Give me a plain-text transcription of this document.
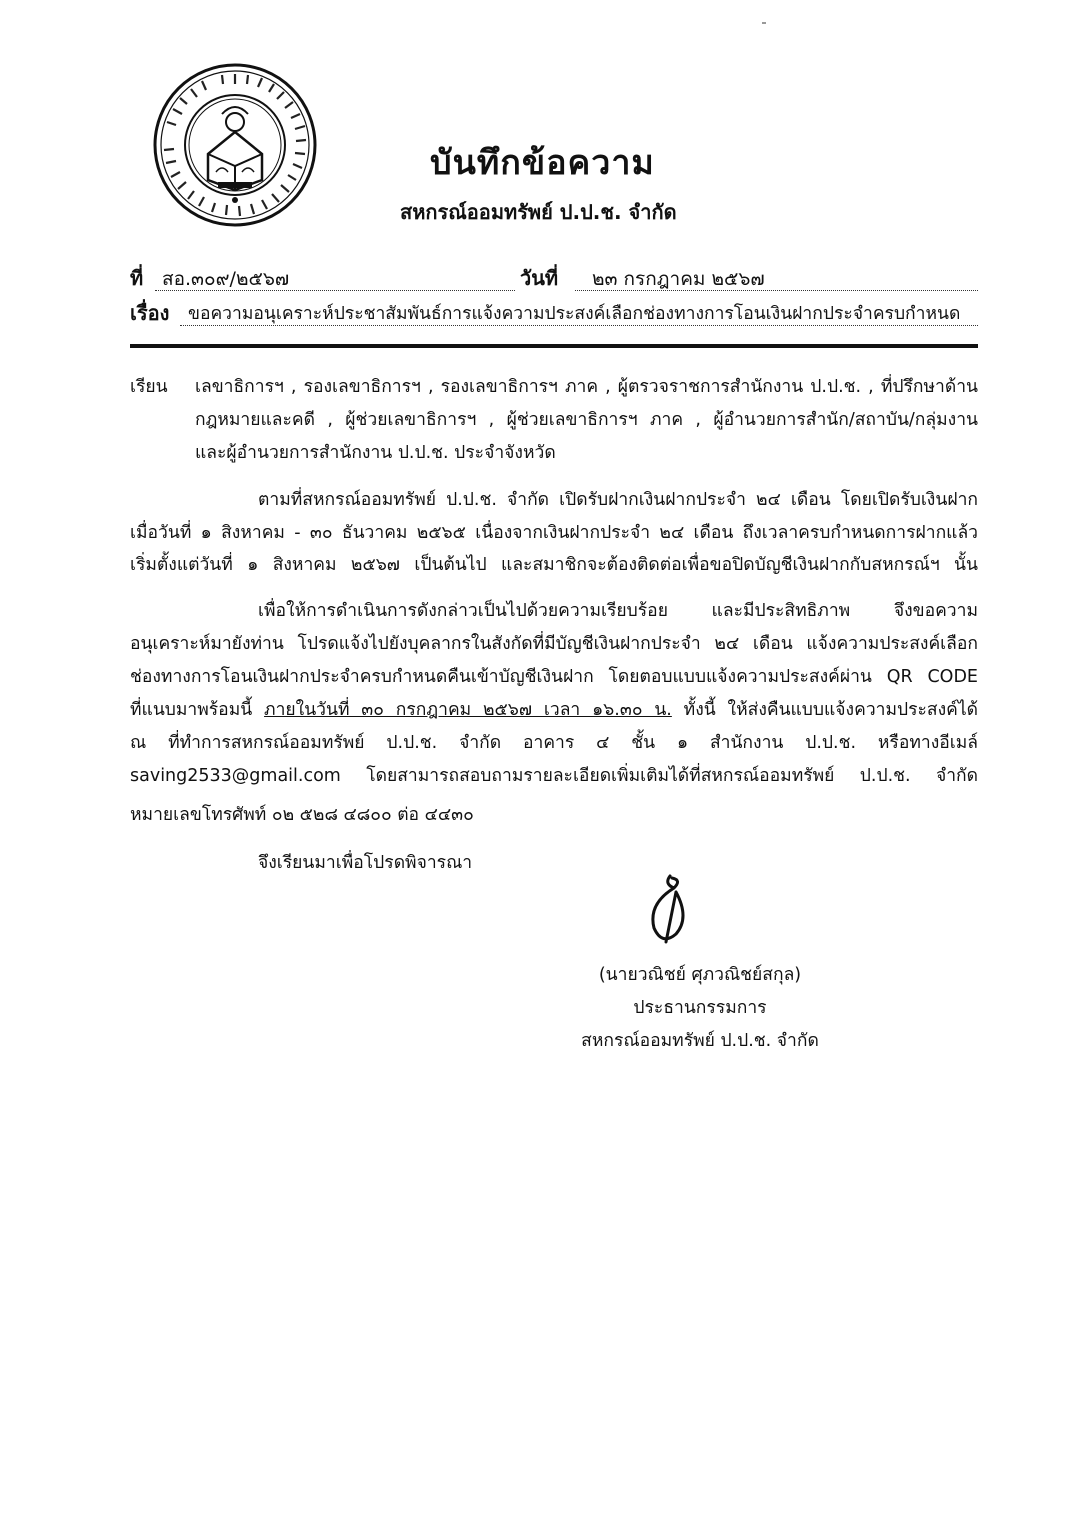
บันทึกข้อความ
สหกรณ์ออมทรัพย์ ป.ป.ช. จำกัด
ที่ สอ.๓๐๙/๒๕๖๗	วันที่ ๒๓ กรกฎาคม ๒๕๖๗
เรื่อง ขอความอนุเคราะห์ประชาสัมพันธ์การแจ้งความประสงค์เลือกช่องทางการโอนเงินฝากประจำครบกำหนด
เรียน เลขาธิการฯ , รองเลขาธิการฯ , รองเลขาธิการฯ ภาค , ผู้ตรวจราชการสำนักงาน ป.ป.ช. , ที่ปรึกษาด้าน
กฎหมายและคดี , ผู้ช่วยเลขาธิการฯ , ผู้ช่วยเลขาธิการฯ ภาค , ผู้อำนวยการสำนัก/สถาบัน/กลุ่มงาน
และผู้อำนวยการสำนักงาน ป.ป.ช. ประจำจังหวัด
ตามที่สหกรณ์ออมทรัพย์ ป.ป.ช. จำกัด เปิดรับฝากเงินฝากประจำ ๒๔ เดือน โดยเปิดรับเงินฝาก
เมื่อวันที่ ๑ สิงหาคม - ๓๐ ธันวาคม ๒๕๖๕ เนื่องจากเงินฝากประจำ ๒๔ เดือน ถึงเวลาครบกำหนดการฝากแล้ว
เริ่มตั้งแต่วันที่ ๑ สิงหาคม ๒๕๖๗ เป็นต้นไป และสมาชิกจะต้องติดต่อเพื่อขอปิดบัญชีเงินฝากกับสหกรณ์ฯ นั้น
เพื่อให้การดำเนินการดังกล่าวเป็นไปด้วยความเรียบร้อย และมีประสิทธิภาพ จึงขอความ
อนุเคราะห์มายังท่าน โปรดแจ้งไปยังบุคลากรในสังกัดที่มีบัญชีเงินฝากประจำ ๒๔ เดือน แจ้งความประสงค์เลือก
ช่องทางการโอนเงินฝากประจำครบกำหนดคืนเข้าบัญชีเงินฝาก โดยตอบแบบแจ้งความประสงค์ผ่าน QR CODE
ที่แนบมาพร้อมนี้ ภายในวันที่ ๓๐ กรกฎาคม ๒๕๖๗ เวลา ๑๖.๓๐ น. ทั้งนี้ ให้ส่งคืนแบบแจ้งความประสงค์ได้
ณ ที่ทำการสหกรณ์ออมทรัพย์ ป.ป.ช. จำกัด อาคาร ๔ ชั้น ๑ สำนักงาน ป.ป.ช. หรือทางอีเมล์
saving2533@gmail.com โดยสามารถสอบถามรายละเอียดเพิ่มเติมได้ที่สหกรณ์ออมทรัพย์ ป.ป.ช. จำกัด
หมายเลขโทรศัพท์ ๐๒ ๕๒๘ ๔๘๐๐ ต่อ ๔๔๓๐
จึงเรียนมาเพื่อโปรดพิจารณา
(นายวณิชย์ ศุภวณิชย์สกุล)
ประธานกรรมการ
สหกรณ์ออมทรัพย์ ป.ป.ช. จำกัด
